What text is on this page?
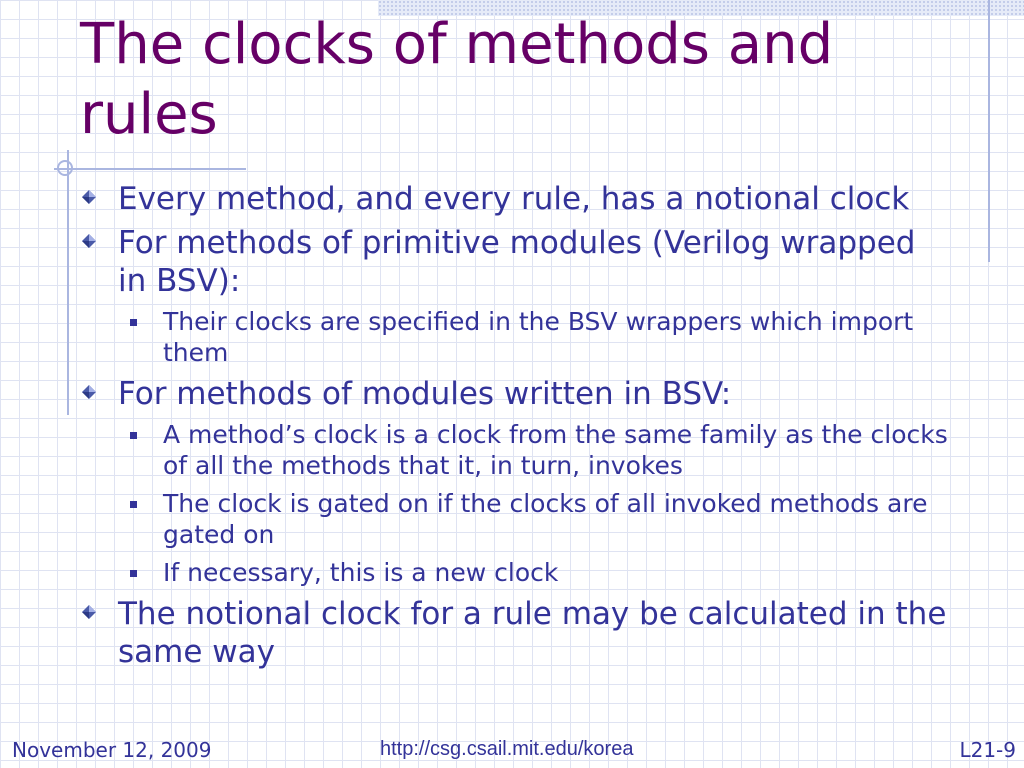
The clocks of methods and rules
Every method, and every rule, has a notional clock
For methods of primitive modules (Verilog wrapped in BSV):
Their clocks are specified in the BSV wrappers which import them
For methods of modules written in BSV:
A method’s clock is a clock from the same family as the clocks of all the methods that it, in turn, invokes
The clock is gated on if the clocks of all invoked methods are gated on
If necessary, this is a new clock
The notional clock for a rule may be calculated in the same way
November 12, 2009	http://csg.csail.mit.edu/korea	L21-9
